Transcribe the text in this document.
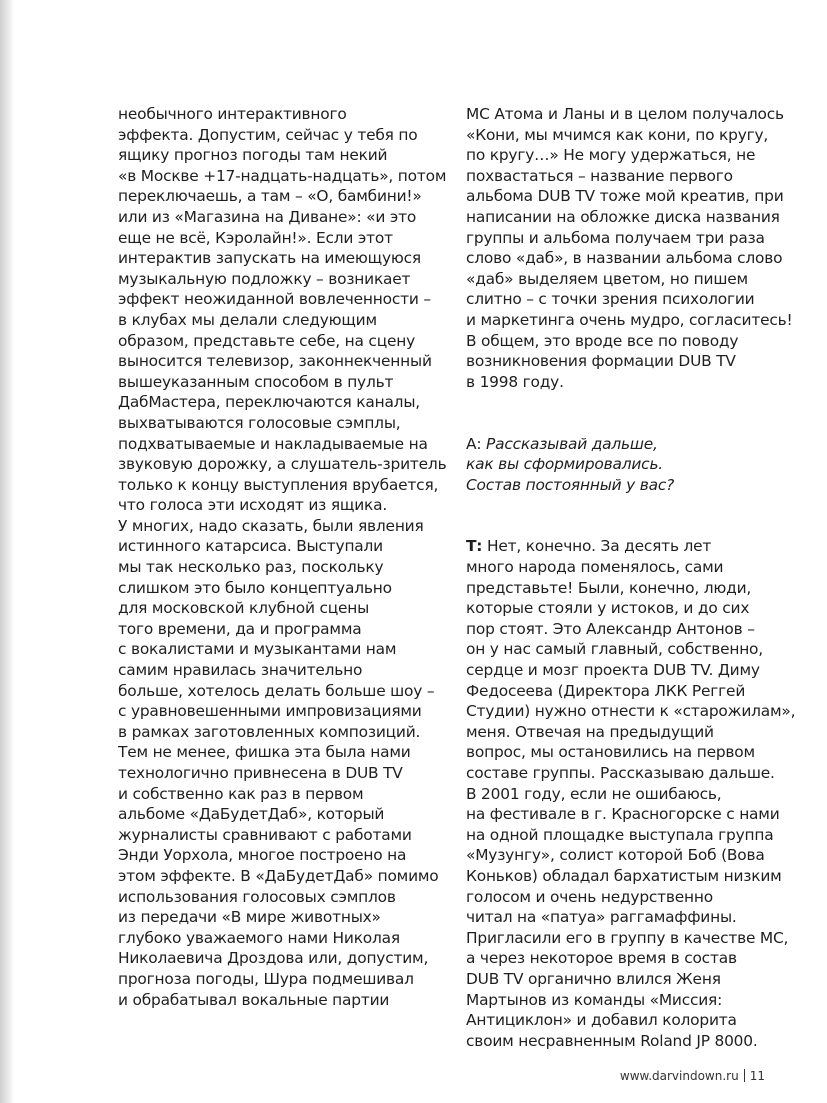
необычного интерактивного
эффекта. Допустим, сейчас у тебя по
ящику прогноз погоды там некий
«в Москве +17-надцать-надцать», потом
переключаешь, а там – «О, бамбини!»
или из «Магазина на Диване»: «и это
еще не всё, Кэролайн!». Если этот
интерактив запускать на имеющуюся
музыкальную подложку – возникает
эффект неожиданной вовлеченности –
в клубах мы делали следующим
образом, представьте себе, на сцену
выносится телевизор, законнекченный
вышеуказанным способом в пульт
ДабМастера, переключаются каналы,
выхватываются голосовые сэмплы,
подхватываемые и накладываемые на
звуковую дорожку, а слушатель-зритель
только к концу выступления врубается,
что голоса эти исходят из ящика.
У многих, надо сказать, были явления
истинного катарсиса. Выступали
мы так несколько раз, поскольку
слишком это было концептуально
для московской клубной сцены
того времени, да и программа
с вокалистами и музыкантами нам
самим нравилась значительно
больше, хотелось делать больше шоу –
с уравновешенными импровизациями
в рамках заготовленных композиций.
Тем не менее, фишка эта была нами
технологично привнесена в DUB TV
и собственно как раз в первом
альбоме «ДаБудетДаб», который
журналисты сравнивают с работами
Энди Уорхола, многое построено на
этом эффекте. В «ДаБудетДаб» помимо
использования голосовых сэмплов
из передачи «В мире животных»
глубоко уважаемого нами Николая
Николаевича Дроздова или, допустим,
прогноза погоды, Шура подмешивал
и обрабатывал вокальные партии
МС Атома и Ланы и в целом получалось
«Кони, мы мчимся как кони, по кругу,
по кругу…» Не могу удержаться, не
похвастаться – название первого
альбома DUB TV тоже мой креатив, при
написании на обложке диска названия
группы и альбома получаем три раза
слово «даб», в названии альбома слово
«даб» выделяем цветом, но пишем
слитно – с точки зрения психологии
и маркетинга очень мудро, согласитесь!
В общем, это вроде все по поводу
возникновения формации DUB TV
в 1998 году.
А: Рассказывай дальше,
как вы сформировались.
Состав постоянный у вас?
Т: Нет, конечно. За десять лет
много народа поменялось, сами
представьте! Были, конечно, люди,
которые стояли у истоков, и до сих
пор стоят. Это Александр Антонов –
он у нас самый главный, собственно,
сердце и мозг проекта DUB TV. Диму
Федосеева (Директора ЛКК Реггей
Студии) нужно отнести к «старожилам»,
меня. Отвечая на предыдущий
вопрос, мы остановились на первом
составе группы. Рассказываю дальше.
В 2001 году, если не ошибаюсь,
на фестивале в г. Красногорске с нами
на одной площадке выступала группа
«Музунгу», солист которой Боб (Вова
Коньков) обладал бархатистым низким
голосом и очень недурственно
читал на «патуа» раггамаффины.
Пригласили его в группу в качестве МС,
а через некоторое время в состав
DUB TV органично влился Женя
Мартынов из команды «Миссия:
Антициклон» и добавил колорита
своим несравненным Roland JP 8000.
www.darvindown.ru 11
